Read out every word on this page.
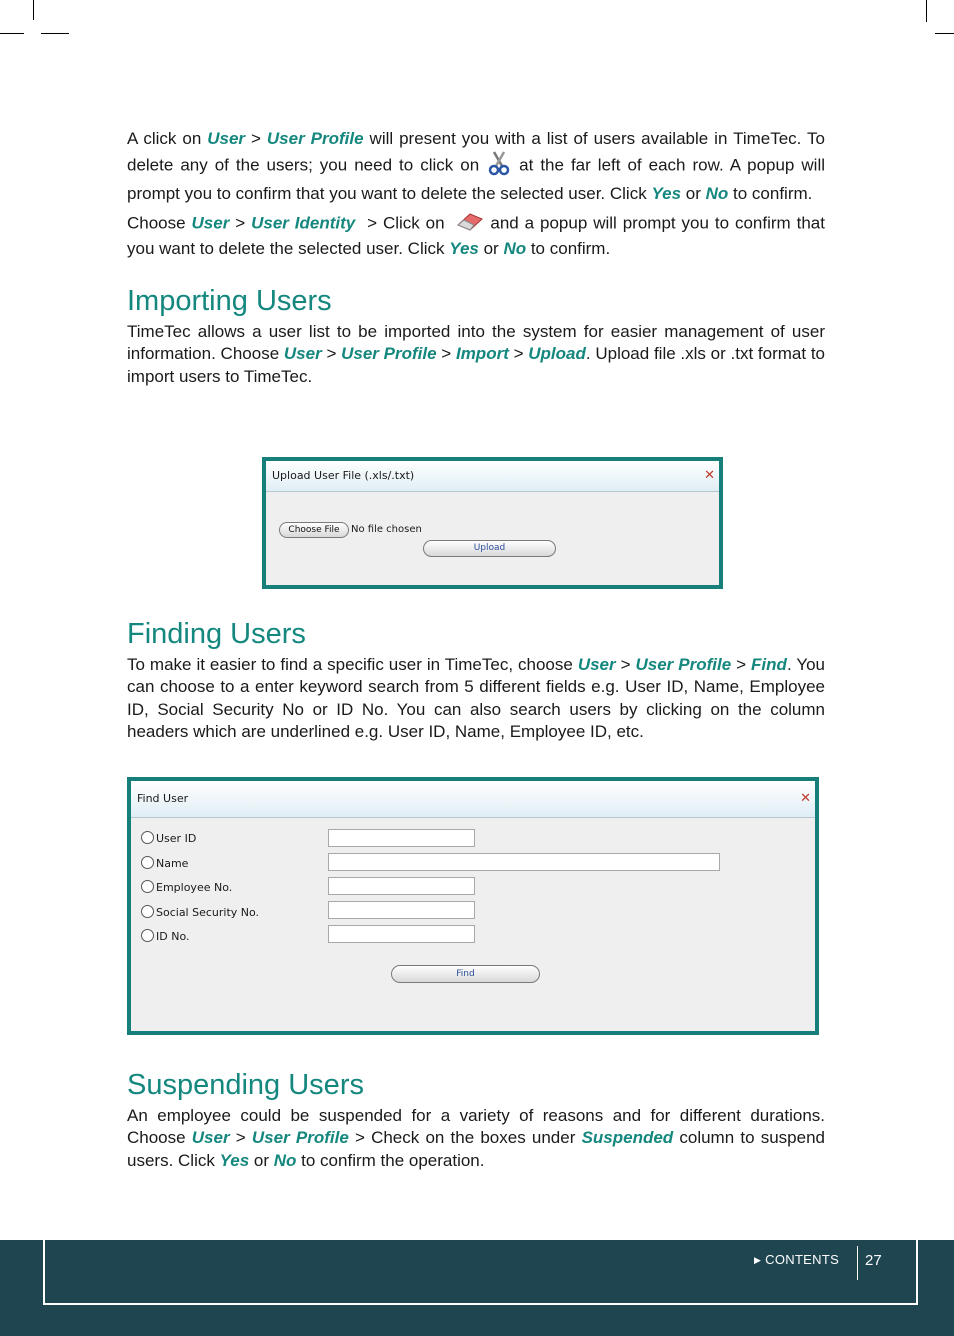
A click on User > User Profile will present you with a list of users available in TimeTec. To delete any of the users; you need to click on  at the far left of each row. A popup will prompt you to confirm that you want to delete the selected user. Click Yes or No to confirm.

Choose User > User Identity  > Click on   and a popup will prompt you to confirm that you want to delete the selected user. Click Yes or No to confirm.

Importing Users

TimeTec allows a user list to be imported into the system for easier management of user information. Choose User > User Profile > Import > Upload. Upload file .xls or .txt format to import users to TimeTec.

Upload User File (.xls/.txt)	✕
Choose File	No file chosen
Upload
Finding Users

To make it easier to find a specific user in TimeTec, choose User > User Profile > Find. You can choose to a enter keyword search from 5 different fields e.g. User ID, Name, Employee ID, Social Security No or ID No. You can also search users by clicking on the column headers which are underlined e.g. User ID, Name, Employee ID, etc.

Find User	✕
User ID
Name
Employee No.
Social Security No.
ID No.
Find
Suspending Users

An employee could be suspended for a variety of reasons and for different durations. Choose User > User Profile > Check on the boxes under Suspended column to suspend users. Click Yes or No to confirm the operation.

▶ CONTENTS 27
